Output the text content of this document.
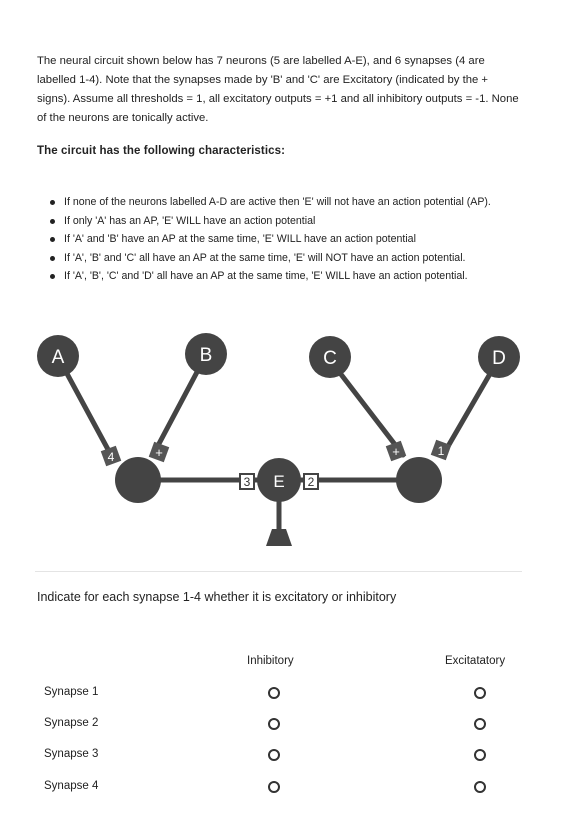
The neural circuit shown below has 7 neurons (5 are labelled A-E), and 6 synapses (4 are labelled 1-4). Note that the synapses made by 'B' and 'C' are Excitatory (indicated by the + signs). Assume all thresholds = 1, all excitatory outputs = +1 and all inhibitory outputs = -1. None of the neurons are tonically active.
The circuit has the following characteristics:
If none of the neurons labelled A-D are active then 'E' will not have an action potential (AP).
If only 'A' has an AP, 'E' WILL have an action potential
If 'A' and 'B' have an AP at the same time, 'E' WILL have an action potential
If 'A', 'B' and 'C' all have an AP at the same time, 'E' will NOT have an action potential.
If 'A', 'B', 'C' and 'D' all have an AP at the same time, 'E' WILL have an action potential.
A	B	C	D
E
4	+	+	1
3	2
Indicate for each synapse 1-4 whether it is excitatory or inhibitory
Inhibitory	Excitatatory
Synapse 1
Synapse 2
Synapse 3
Synapse 4
